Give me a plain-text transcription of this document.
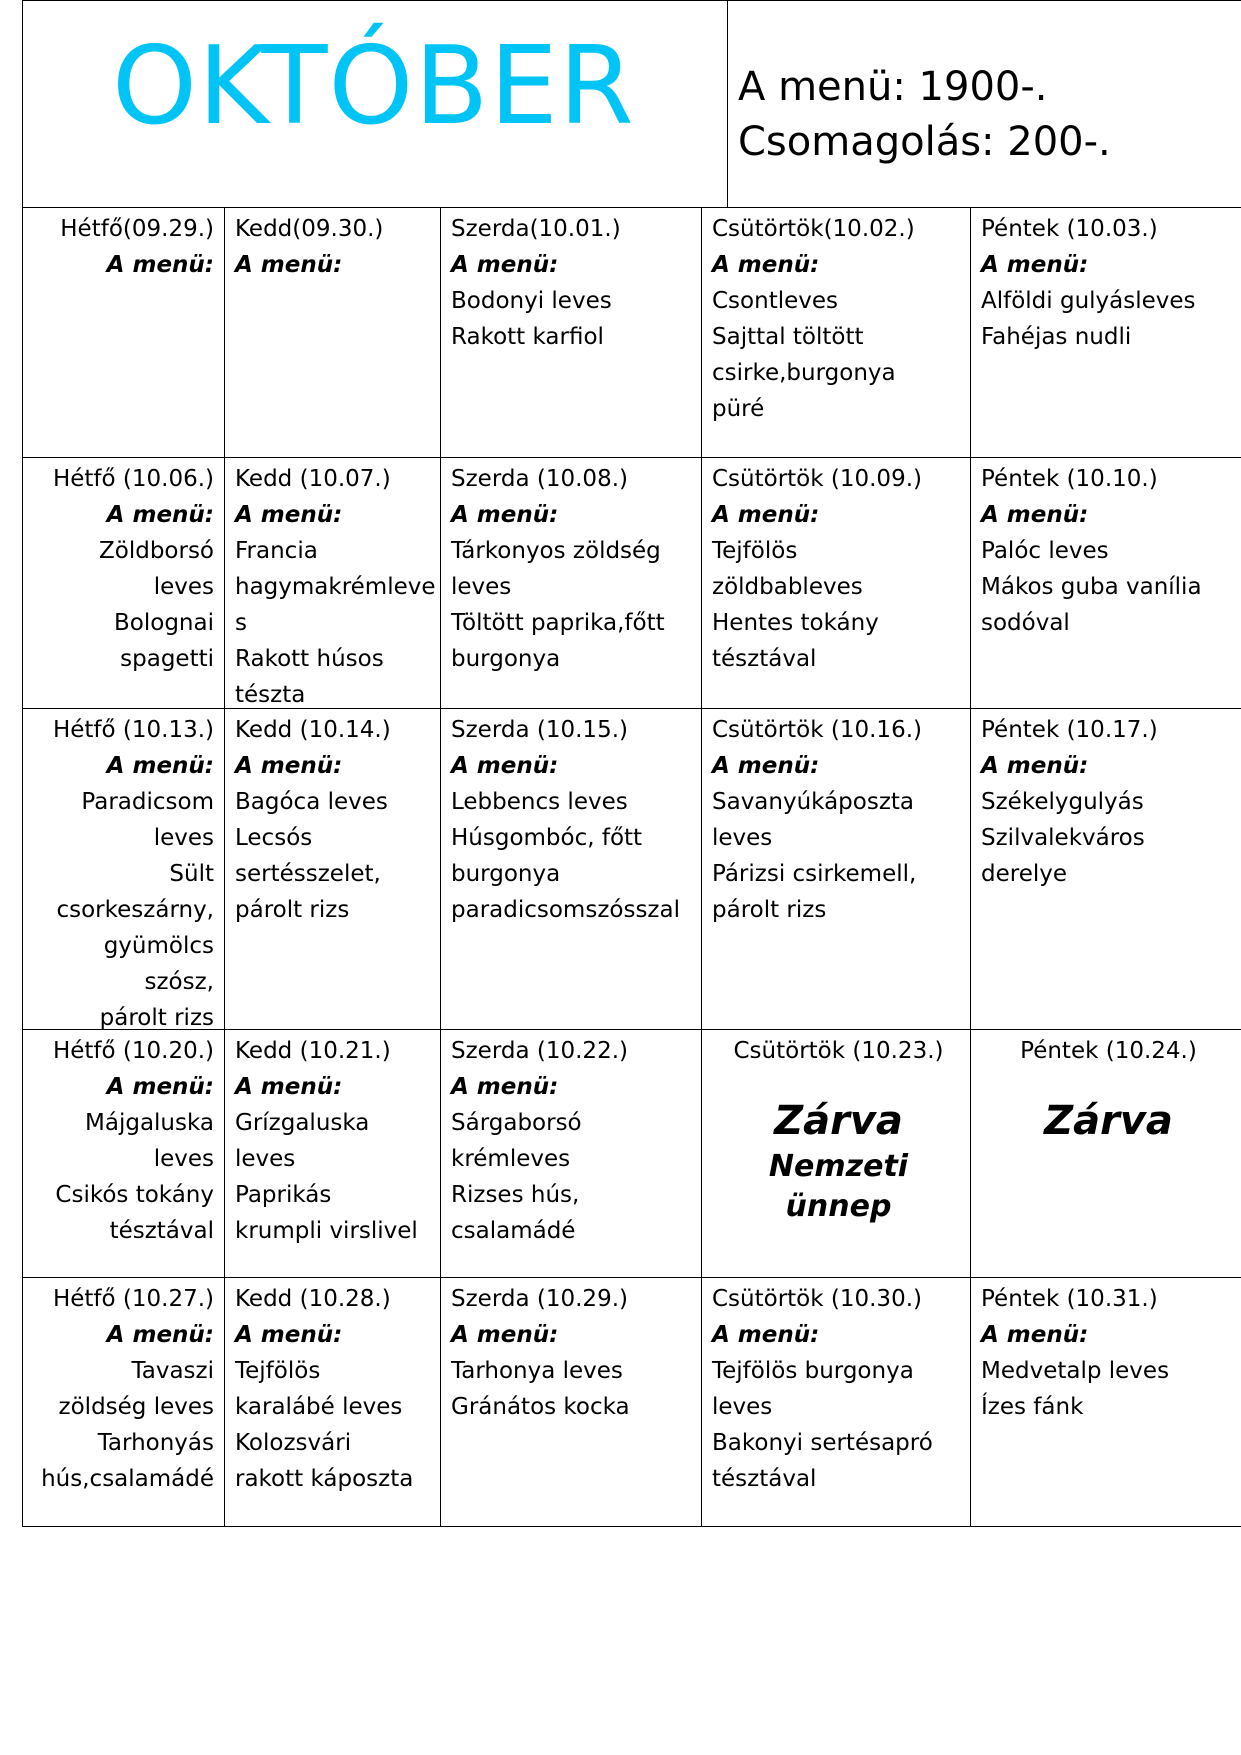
OKTÓBER	A menü: 1900-.
Csomagolás: 200-.
Hétfő(09.29.)
A menü:
Kedd(09.30.)
A menü:
Szerda(10.01.)
A menü:
Bodonyi leves
Rakott karfiol
Csütörtök(10.02.)
A menü:
Csontleves
Sajttal töltött
csirke,burgonya
püré
Péntek (10.03.)
A menü:
Alföldi gulyásleves
Fahéjas nudli
Hétfő (10.06.)
A menü:
Zöldborsó
leves
Bolognai
spagetti
Kedd (10.07.)
A menü:
Francia
hagymakrémleve
s
Rakott húsos
tészta
Szerda (10.08.)
A menü:
Tárkonyos zöldség
leves
Töltött paprika,főtt
burgonya
Csütörtök (10.09.)
A menü:
Tejfölös
zöldbableves
Hentes tokány
tésztával
Péntek (10.10.)
A menü:
Palóc leves
Mákos guba vanília
sodóval
Hétfő (10.13.)
A menü:
Paradicsom
leves
Sült
csorkeszárny,
gyümölcs
szósz,
párolt rizs
Kedd (10.14.)
A menü:
Bagóca leves
Lecsós
sertésszelet,
párolt rizs
Szerda (10.15.)
A menü:
Lebbencs leves
Húsgombóc, főtt
burgonya
paradicsomszósszal
Csütörtök (10.16.)
A menü:
Savanyúkáposzta
leves
Párizsi csirkemell,
párolt rizs
Péntek (10.17.)
A menü:
Székelygulyás
Szilvalekváros
derelye
Hétfő (10.20.)
A menü:
Májgaluska
leves
Csikós tokány
tésztával
Kedd (10.21.)
A menü:
Grízgaluska
leves
Paprikás
krumpli virslivel
Szerda (10.22.)
A menü:
Sárgaborsó
krémleves
Rizses hús,
csalamádé
Csütörtök (10.23.)
Zárva
Nemzeti ünnep
Péntek (10.24.)
Zárva
Hétfő (10.27.)
A menü:
Tavaszi
zöldség leves
Tarhonyás
hús,csalamádé
Kedd (10.28.)
A menü:
Tejfölös
karalábé leves
Kolozsvári
rakott káposzta
Szerda (10.29.)
A menü:
Tarhonya leves
Gránátos kocka
Csütörtök (10.30.)
A menü:
Tejfölös burgonya
leves
Bakonyi sertésapró
tésztával
Péntek (10.31.)
A menü:
Medvetalp leves
Ízes fánk
